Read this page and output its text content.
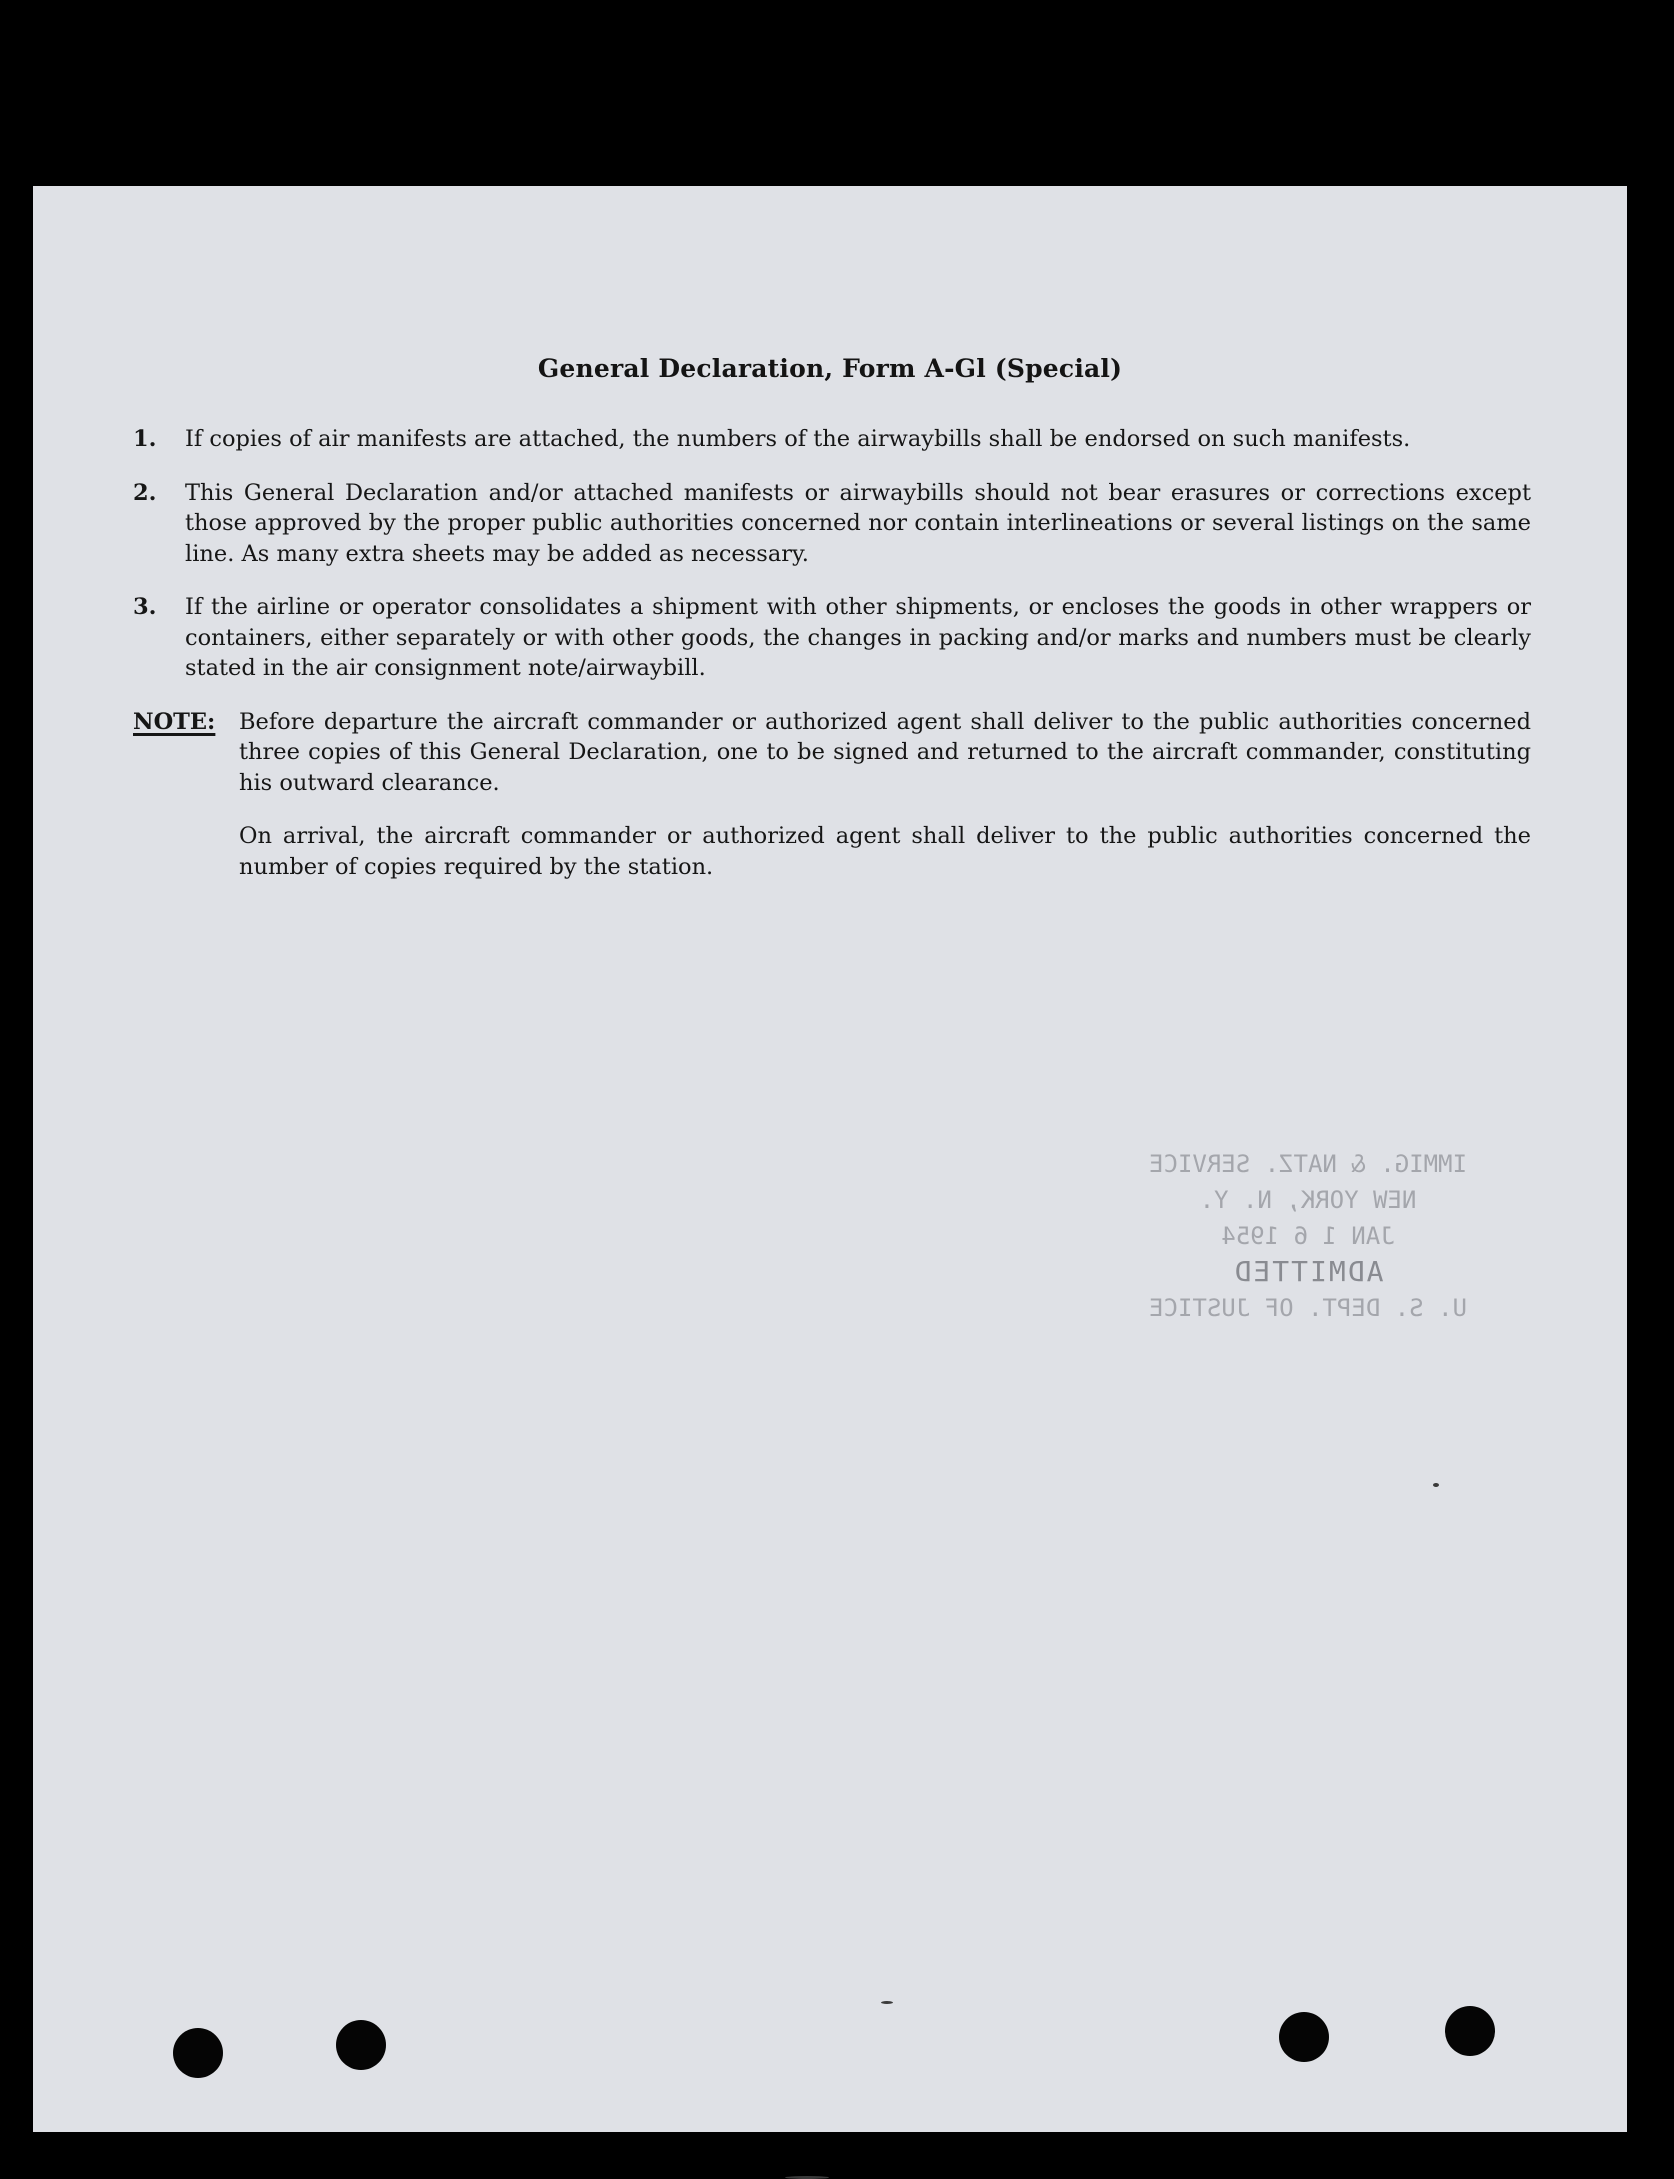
General Declaration, Form A-Gl (Special)
1.	If copies of air manifests are attached, the numbers of the airwaybills shall be endorsed on such manifests.
2.	This General Declaration and/or attached manifests or airwaybills should not bear erasures or corrections except those approved by the proper public authorities concerned nor contain interlineations or several listings on the same line. As many extra sheets may be added as necessary.
3.	If the airline or operator consolidates a shipment with other shipments, or encloses the goods in other wrappers or containers, either separately or with other goods, the changes in packing and/or marks and numbers must be clearly stated in the air consignment note/airwaybill.
NOTE:	Before departure the aircraft commander or authorized agent shall deliver to the public authorities concerned three copies of this General Declaration, one to be signed and returned to the aircraft commander, constituting his outward clearance.
On arrival, the aircraft commander or authorized agent shall deliver to the public authorities concerned the number of copies required by the station.
IMMIG. & NATZ. SERVICE
NEW YORK, N. Y.
JAN 1 6 1954
ADMITTED
U. S. DEPT. OF JUSTICE
